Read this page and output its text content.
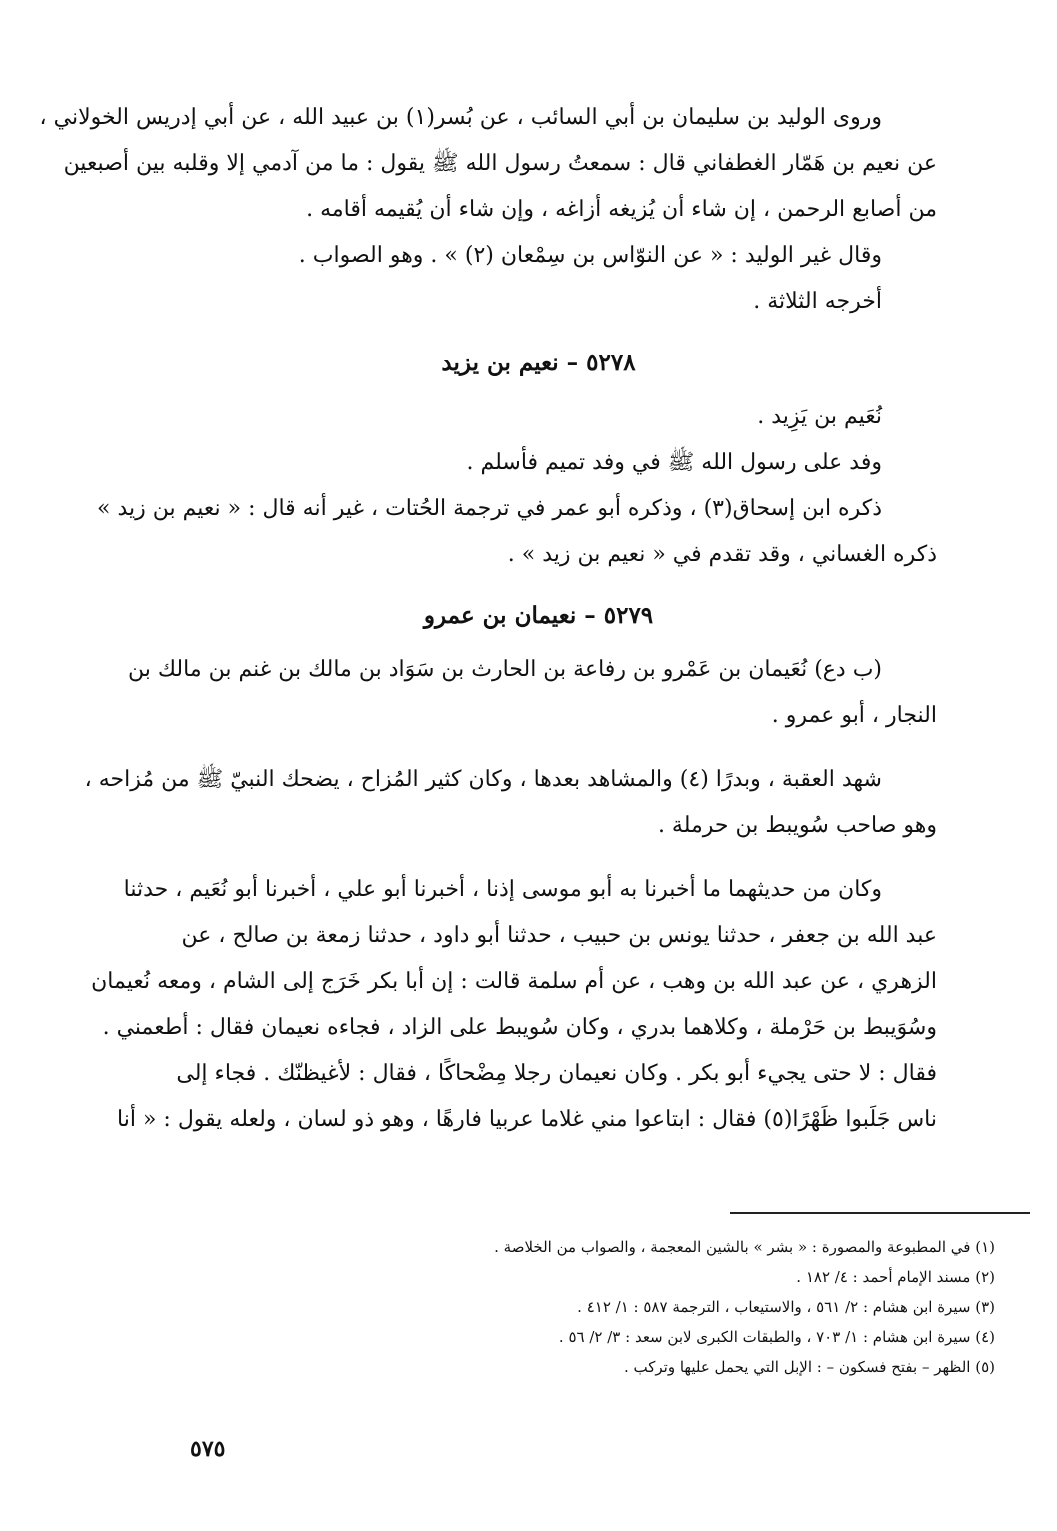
وروى الوليد بن سليمان بن أبي السائب ، عن بُسر(١) بن عبيد الله ، عن أبي إدريس الخولاني ،
عن نعيم بن هَمّار الغطفاني قال : سمعتُ رسول الله ﷺ يقول : ما من آدمي إلا وقلبه بين أصبعين
من أصابع الرحمن ، إن شاء أن يُزيغه أزاغه ، وإن شاء أن يُقيمه أقامه .
وقال غير الوليد : « عن النوّاس بن سِمْعان (٢) » . وهو الصواب .
أخرجه الثلاثة .
٥٢٧٨ – نعيم بن يزيد
نُعَيم بن يَزِيد .
وفد على رسول الله ﷺ في وفد تميم فأسلم .
ذكره ابن إسحاق(٣) ، وذكره أبو عمر في ترجمة الحُتات ، غير أنه قال : « نعيم بن زيد »
ذكره الغساني ، وقد تقدم في « نعيم بن زيد » .
٥٢٧٩ – نعيمان بن عمرو
(ب دع) نُعَيمان بن عَمْرو بن رفاعة بن الحارث بن سَوَاد بن مالك بن غنم بن مالك بن
النجار ، أبو عمرو .
شهد العقبة ، وبدرًا (٤) والمشاهد بعدها ، وكان كثير المُزاح ، يضحك النبيّ ﷺ من مُزاحه ،
وهو صاحب سُويبط بن حرملة .
وكان من حديثهما ما أخبرنا به أبو موسى إذنا ، أخبرنا أبو علي ، أخبرنا أبو نُعَيم ، حدثنا
عبد الله بن جعفر ، حدثنا يونس بن حبيب ، حدثنا أبو داود ، حدثنا زمعة بن صالح ، عن
الزهري ، عن عبد الله بن وهب ، عن أم سلمة قالت : إن أبا بكر خَرَج إلى الشام ، ومعه نُعيمان
وسُوَيبط بن حَرْملة ، وكلاهما بدري ، وكان سُويبط على الزاد ، فجاءه نعيمان فقال : أطعمني .
فقال : لا حتى يجيء أبو بكر . وكان نعيمان رجلا مِضْحاكًا ، فقال : لأغيظنّك . فجاء إلى
ناس جَلَبوا ظَهْرًا(٥) فقال : ابتاعوا مني غلاما عربيا فارهًا ، وهو ذو لسان ، ولعله يقول : « أنا
(١) في المطبوعة والمصورة : « بشر » بالشين المعجمة ، والصواب من الخلاصة .
(٢) مسند الإمام أحمد : ٤/ ١٨٢ .
(٣) سيرة ابن هشام : ٢/ ٥٦١ ، والاستيعاب ، الترجمة ٥٨٧ : ١/ ٤١٢ .
(٤) سيرة ابن هشام : ١/ ٧٠٣ ، والطبقات الكبرى لابن سعد : ٣/ ٢/ ٥٦ .
(٥) الظهر – بفتح فسكون – : الإبل التي يحمل عليها وتركب .
٥٧٥
